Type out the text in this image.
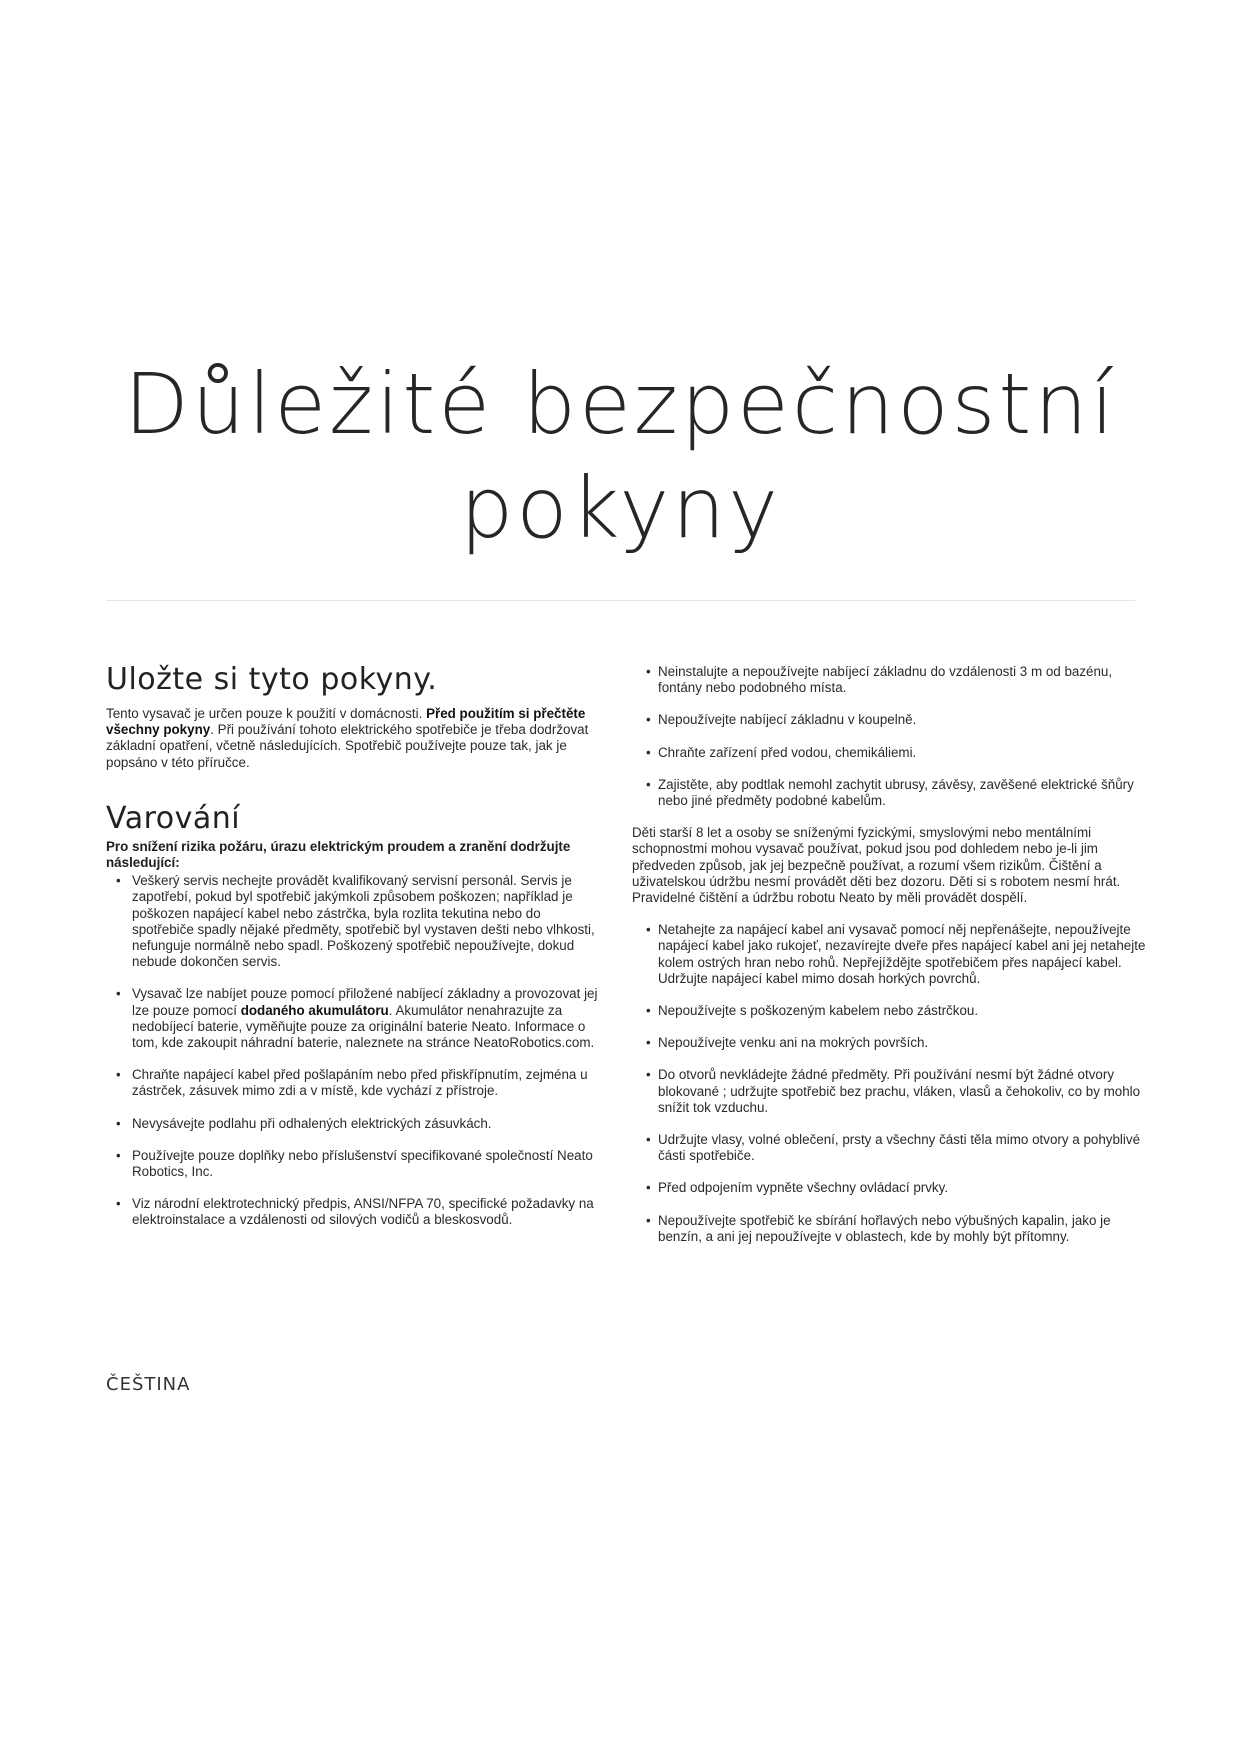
Důležité bezpečnostní
pokyny
Uložte si tyto pokyny.

Tento vysavač je určen pouze k použití v domácnosti. Před použitím si přečtěte všechny pokyny. Při používání tohoto elektrického spotřebiče je třeba dodržovat základní opatření, včetně následujících. Spotřebič používejte pouze tak, jak je popsáno v této příručce.

Varování

Pro snížení rizika požáru, úrazu elektrickým proudem a zranění dodržujte následující:

• Veškerý servis nechejte provádět kvalifikovaný servisní personál. Servis je zapotřebí, pokud byl spotřebič jakýmkoli způsobem poškozen; například je poškozen napájecí kabel nebo zástrčka, byla rozlita tekutina nebo do spotřebiče spadly nějaké předměty, spotřebič byl vystaven dešti nebo vlhkosti, nefunguje normálně nebo spadl. Poškozený spotřebič nepoužívejte, dokud nebude dokončen servis.
• Vysavač lze nabíjet pouze pomocí přiložené nabíjecí základny a provozovat jej lze pouze pomocí dodaného akumulátoru. Akumulátor nenahrazujte za nedobíjecí baterie, vyměňujte pouze za originální baterie Neato. Informace o tom, kde zakoupit náhradní baterie, naleznete na stránce NeatoRobotics.com.
• Chraňte napájecí kabel před pošlapáním nebo před přiskřípnutím, zejména u zástrček, zásuvek mimo zdi a v místě, kde vychází z přístroje.
• Nevysávejte podlahu při odhalených elektrických zásuvkách.
• Používejte pouze doplňky nebo příslušenství specifikované společností Neato Robotics, Inc.
• Viz národní elektrotechnický předpis, ANSI/NFPA 70, specifické požadavky na elektroinstalace a vzdálenosti od silových vodičů a bleskosvodů.
• Neinstalujte a nepoužívejte nabíjecí základnu do vzdálenosti 3 m od bazénu, fontány nebo podobného místa.
• Nepoužívejte nabíjecí základnu v koupelně.
• Chraňte zařízení před vodou, chemikáliemi.
• Zajistěte, aby podtlak nemohl zachytit ubrusy, závěsy, zavěšené elektrické šňůry nebo jiné předměty podobné kabelům.

Děti starší 8 let a osoby se sníženými fyzickými, smyslovými nebo mentálními schopnostmi mohou vysavač používat, pokud jsou pod dohledem nebo je-li jim předveden způsob, jak jej bezpečně používat, a rozumí všem rizikům. Čištění a uživatelskou údržbu nesmí provádět děti bez dozoru. Děti si s robotem nesmí hrát. Pravidelné čištění a údržbu robotu Neato by měli provádět dospělí.

• Netahejte za napájecí kabel ani vysavač pomocí něj nepřenášejte, nepoužívejte napájecí kabel jako rukojeť, nezavírejte dveře přes napájecí kabel ani jej netahejte kolem ostrých hran nebo rohů. Nepřejíždějte spotřebičem přes napájecí kabel. Udržujte napájecí kabel mimo dosah horkých povrchů.
• Nepoužívejte s poškozeným kabelem nebo zástrčkou.
• Nepoužívejte venku ani na mokrých površích.
• Do otvorů nevkládejte žádné předměty. Při používání nesmí být žádné otvory blokované ; udržujte spotřebič bez prachu, vláken, vlasů a čehokoliv, co by mohlo snížit tok vzduchu.
• Udržujte vlasy, volné oblečení, prsty a všechny části těla mimo otvory a pohyblivé části spotřebiče.
• Před odpojením vypněte všechny ovládací prvky.
• Nepoužívejte spotřebič ke sbírání hořlavých nebo výbušných kapalin, jako je benzín, a ani jej nepoužívejte v oblastech, kde by mohly být přítomny.
ČEŠTINA
